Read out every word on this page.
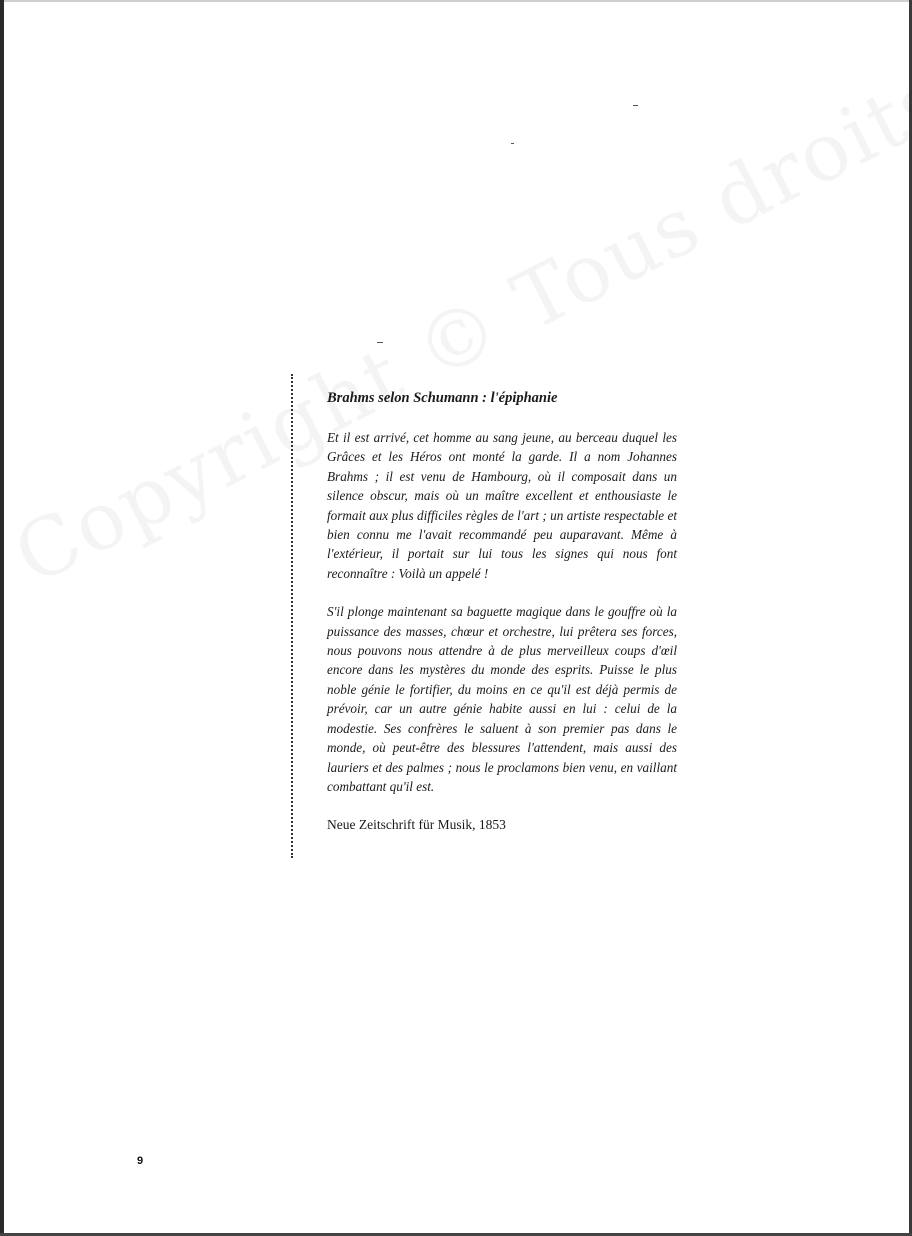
Brahms selon Schumann : l'épiphanie

Et il est arrivé, cet homme au sang jeune, au berceau duquel les Grâces et les Héros ont monté la garde. Il a nom Johannes Brahms ; il est venu de Hambourg, où il composait dans un silence obscur, mais où un maître excellent et enthousiaste le formait aux plus difficiles règles de l'art ; un artiste respectable et bien connu me l'avait recommandé peu auparavant. Même à l'extérieur, il portait sur lui tous les signes qui nous font reconnaître : Voilà un appelé !

S'il plonge maintenant sa baguette magique dans le gouffre où la puissance des masses, chœur et orchestre, lui prêtera ses forces, nous pouvons nous attendre à de plus merveilleux coups d'œil encore dans les mystères du monde des esprits. Puisse le plus noble génie le fortifier, du moins en ce qu'il est déjà permis de prévoir, car un autre génie habite aussi en lui : celui de la modestie. Ses confrères le saluent à son premier pas dans le monde, où peut-être des blessures l'attendent, mais aussi des lauriers et des palmes ; nous le proclamons bien venu, en vaillant combattant qu'il est.

Neue Zeitschrift für Musik, 1853

9
